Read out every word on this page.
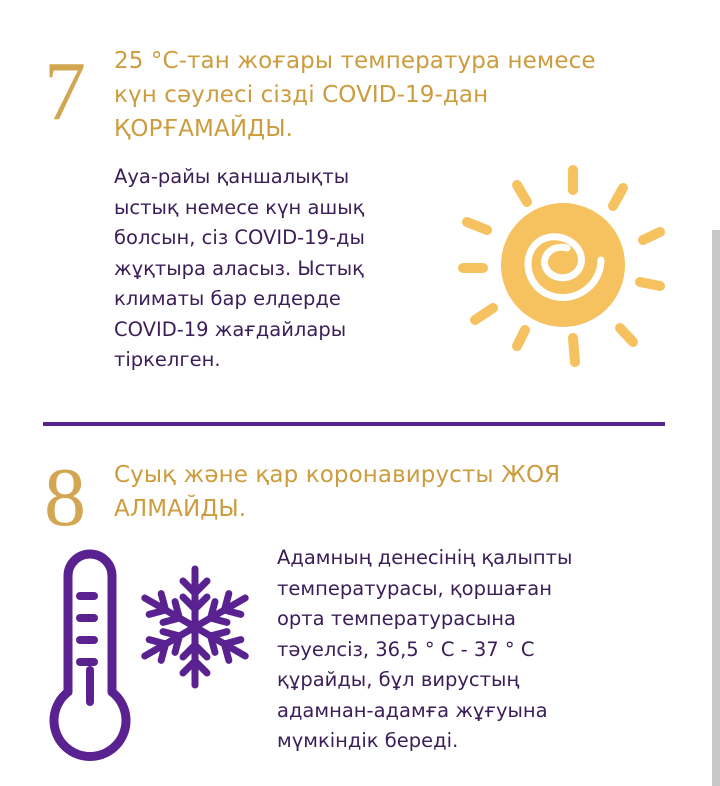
7 25 °C-тан жоғары температура немесе
күн сәулесі сізді COVID-19-дан
ҚОРҒАМАЙДЫ.
Ауа-райы қаншалықты
ыстық немесе күн ашық
болсын, сіз COVID-19-ды
жұқтыра аласыз. Ыстық
климаты бар елдерде
COVID-19 жағдайлары
тіркелген.
8 Суық және қар коронавирусты ЖОЯ
АЛМАЙДЫ.
Адамның денесінің қалыпты
температурасы, қоршаған
орта температурасына
тәуелсіз, 36,5 ° С - 37 ° С
құрайды, бұл вирустың
адамнан-адамға жұғуына
мүмкіндік береді.
